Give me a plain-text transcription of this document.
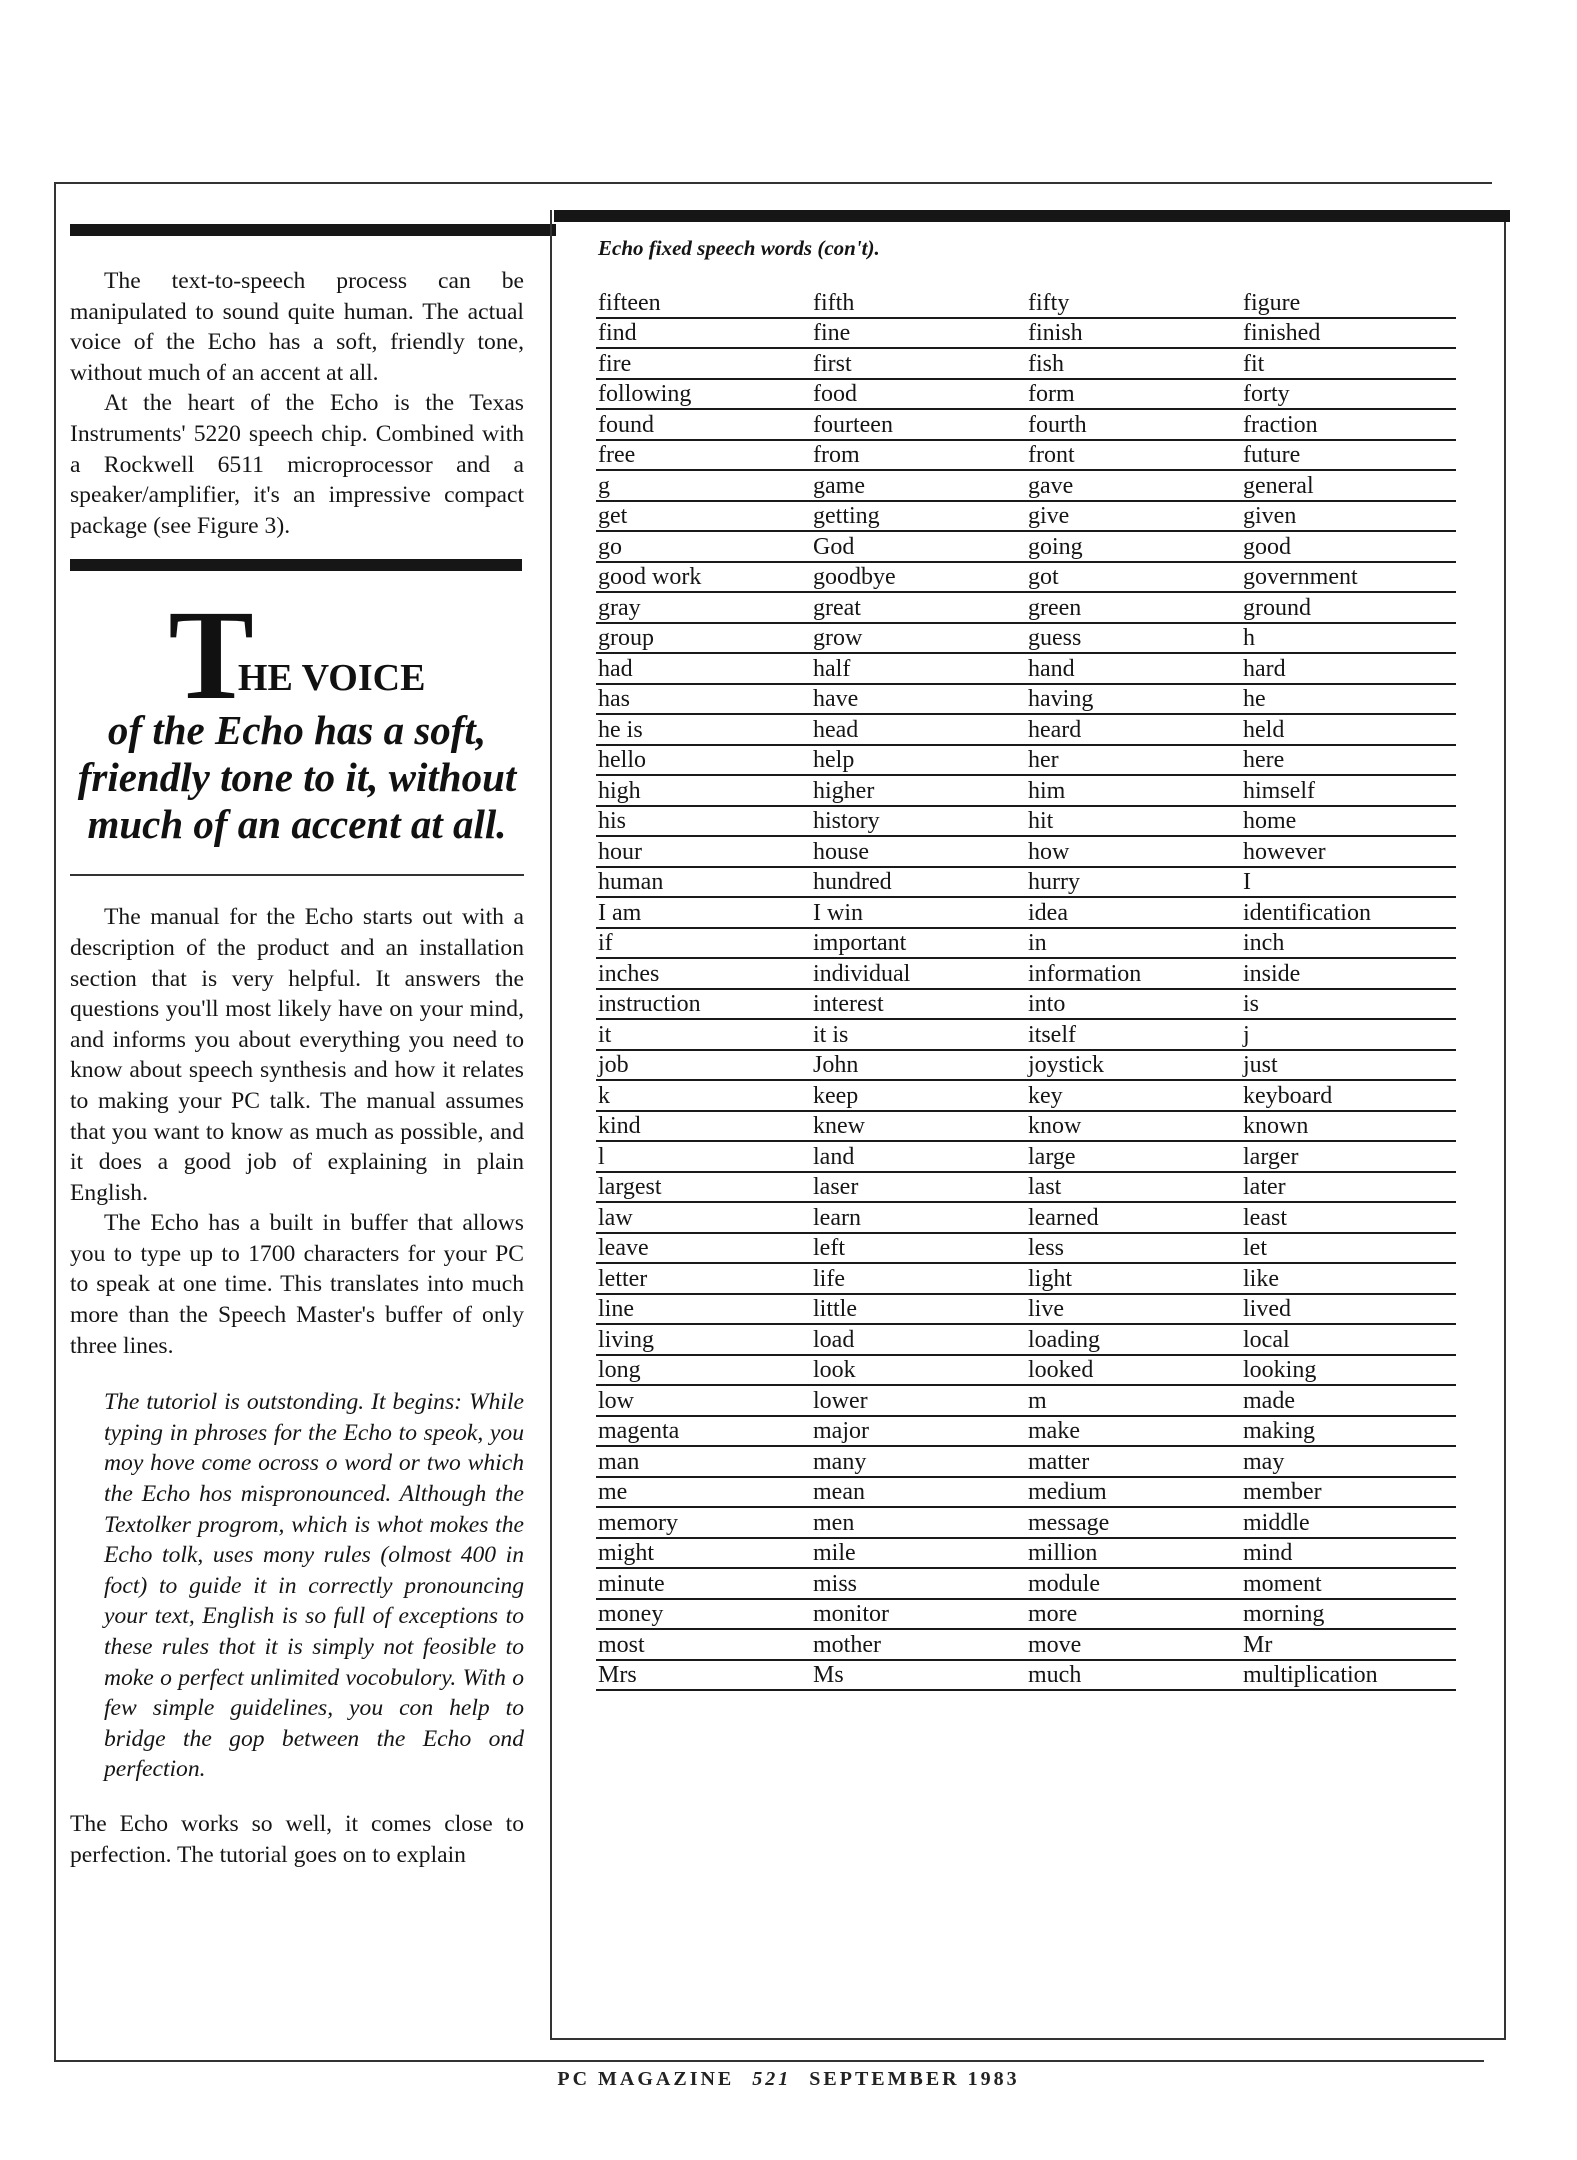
The text-to-speech process can be manipulated to sound quite human. The actual voice of the Echo has a soft, friendly tone, without much of an accent at all.

At the heart of the Echo is the Texas Instruments' 5220 speech chip. Combined with a Rockwell 6511 microprocessor and a speaker/amplifier, it's an impressive compact package (see Figure 3).

THE VOICE
of the Echo has a soft, friendly tone to it, without much of an accent at all.

The manual for the Echo starts out with a description of the product and an installation section that is very helpful. It answers the questions you'll most likely have on your mind, and informs you about everything you need to know about speech synthesis and how it relates to making your PC talk. The manual assumes that you want to know as much as possible, and it does a good job of explaining in plain English.

The Echo has a built in buffer that allows you to type up to 1700 characters for your PC to speak at one time. This translates into much more than the Speech Master's buffer of only three lines.

The tutoriol is outstonding. It begins: While typing in phroses for the Echo to speok, you moy hove come ocross o word or two which the Echo hos mispronounced. Although the Textolker progrom, which is whot mokes the Echo tolk, uses mony rules (olmost 400 in foct) to guide it in correctly pronouncing your text, English is so full of exceptions to these rules thot it is simply not feosible to moke o perfect unlimited vocobulory. With o few simple guidelines, you con help to bridge the gop between the Echo ond perfection.

The Echo works so well, it comes close to perfection. The tutorial goes on to explain

Echo fixed speech words (con't).
fifteen	fifth	fifty	figure
find	fine	finish	finished
fire	first	fish	fit
following	food	form	forty
found	fourteen	fourth	fraction
free	from	front	future
g	game	gave	general
get	getting	give	given
go	God	going	good
good work	goodbye	got	government
gray	great	green	ground
group	grow	guess	h
had	half	hand	hard
has	have	having	he
he is	head	heard	held
hello	help	her	here
high	higher	him	himself
his	history	hit	home
hour	house	how	however
human	hundred	hurry	I
I am	I win	idea	identification
if	important	in	inch
inches	individual	information	inside
instruction	interest	into	is
it	it is	itself	j
job	John	joystick	just
k	keep	key	keyboard
kind	knew	know	known
l	land	large	larger
largest	laser	last	later
law	learn	learned	least
leave	left	less	let
letter	life	light	like
line	little	live	lived
living	load	loading	local
long	look	looked	looking
low	lower	m	made
magenta	major	make	making
man	many	matter	may
me	mean	medium	member
memory	men	message	middle
might	mile	million	mind
minute	miss	module	moment
money	monitor	more	morning
most	mother	move	Mr
Mrs	Ms	much	multiplication
PC MAGAZINE 521 SEPTEMBER 1983
